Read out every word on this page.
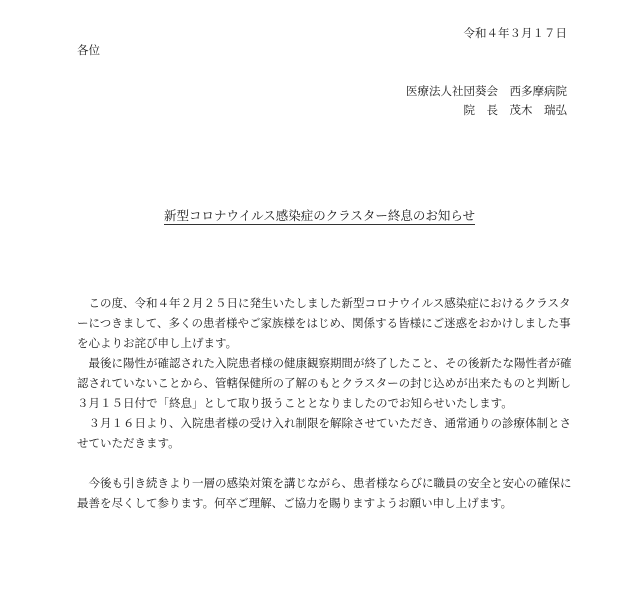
令和４年３月１７日
各位
医療法人社団葵会　西多摩病院
院　長　茂木　瑞弘
新型コロナウイルス感染症のクラスター終息のお知らせ

　この度、令和４年２月２５日に発生いたしました新型コロナウイルス感染症におけるクラスタ
ーにつきまして、多くの患者様やご家族様をはじめ、関係する皆様にご迷惑をおかけしました事
を心よりお詫び申し上げます。

　最後に陽性が確認された入院患者様の健康観察期間が終了したこと、その後新たな陽性者が確
認されていないことから、管轄保健所の了解のもとクラスターの封じ込めが出来たものと判断し
３月１５日付で「終息」として取り扱うこととなりましたのでお知らせいたします。

　３月１６日より、入院患者様の受け入れ制限を解除させていただき、通常通りの診療体制とさ
せていただきます。

　今後も引き続きより一層の感染対策を講じながら、患者様ならびに職員の安全と安心の確保に
最善を尽くして参ります。何卒ご理解、ご協力を賜りますようお願い申し上げます。
